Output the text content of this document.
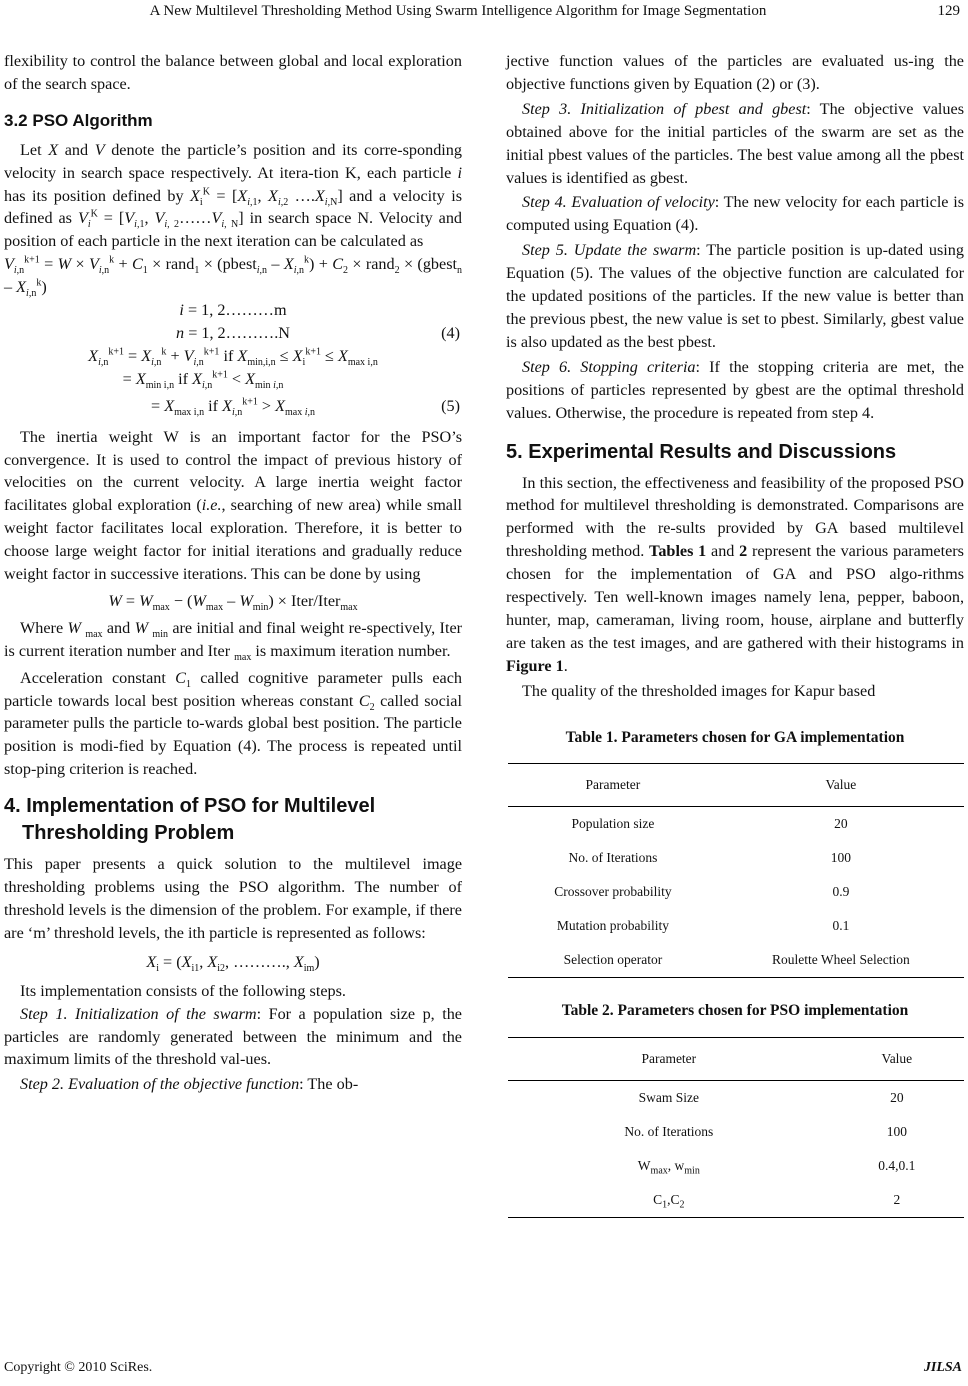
A New Multilevel Thresholding Method Using Swarm Intelligence Algorithm for Image Segmentation	129

flexibility to control the balance between global and local exploration of the search space.

3.2 PSO Algorithm

Let X and V denote the particle’s position and its corre-sponding velocity in search space respectively. At itera-tion K, each particle i has its position defined by $X_i^K = [X_{i,1}$, $X_{i,2}$ $\dots.X_{i,N}$] and a velocity is defined as $V_i^K = [V_{i,1}$, $V_{i, 2}\dots\dots V_{i, N}$] in search space N. Velocity and position of each particle in the next iteration can be calculated as

$V_{i,n}^{k+1} = W \times V_{i,n}^k + C_1$ × rand$_1$ × (pbest$_{i,n}$ – $X_{i,n}^k) + C_2$ × rand$_2$ × (gbest$_n$ – $X_{i,n}^k$)

i = 1, 2………m
n = 1, 2……….N	(4)
$X_{i,n}^{k+1} = X_{i,n}^k + V_{i,n}^{k+1}$ if $X_{min,i,n} \le X_i^{k+1} \le X_{max i,n}$
= $X_{min i,n}$ if $X_{i,n}^{k+1} < X_{min i,n}$
= $X_{max i,n}$ if $X_{i,n}^{k+1} > X_{max i,n}$	(5)

The inertia weight W is an important factor for the PSO’s convergence. It is used to control the impact of previous history of velocities on the current velocity. A large inertia weight factor facilitates global exploration (i.e., searching of new area) while small weight factor facilitates local exploration. Therefore, it is better to choose large weight factor for initial iterations and gradually reduce weight factor in successive iterations. This can be done by using

$W = W_{max} - (W_{max} - W_{min})$ × Iter/Iter$_{max}$

Where W $_{max}$ and W $_{min}$ are initial and final weight re-spectively, Iter is current iteration number and Iter $_{max}$ is maximum iteration number.

Acceleration constant $C_1$ called cognitive parameter pulls each particle towards local best position whereas constant $C_2$ called social parameter pulls the particle to-wards global best position. The particle position is modi-fied by Equation (4). The process is repeated until stop-ping criterion is reached.

4. Implementation of PSO for Multilevel
Thresholding Problem

This paper presents a quick solution to the multilevel image thresholding problems using the PSO algorithm. The number of threshold levels is the dimension of the problem. For example, if there are ‘m’ threshold levels, the ith particle is represented as follows:

$X_i = (X_{i1}$, $X_{i2}$, ………., $X_{im}$)

Its implementation consists of the following steps.

Step 1. Initialization of the swarm: For a population size p, the particles are randomly generated between the minimum and the maximum limits of the threshold val-ues.

Step 2. Evaluation of the objective function: The ob-

jective function values of the particles are evaluated us-ing the objective functions given by Equation (2) or (3).

Step 3. Initialization of pbest and gbest: The objective values obtained above for the initial particles of the swarm are set as the initial pbest values of the particles. The best value among all the pbest values is identified as gbest.

Step 4. Evaluation of velocity: The new velocity for each particle is computed using Equation (4).

Step 5. Update the swarm: The particle position is up-dated using Equation (5). The values of the objective function are calculated for the updated positions of the particles. If the new value is better than the previous pbest, the new value is set to pbest. Similarly, gbest value is also updated as the best pbest.

Step 6. Stopping criteria: If the stopping criteria are met, the positions of particles represented by gbest are the optimal threshold values. Otherwise, the procedure is repeated from step 4.

5. Experimental Results and Discussions

In this section, the effectiveness and feasibility of the proposed PSO method for multilevel thresholding is demonstrated. Comparisons are performed with the re-sults provided by GA based multilevel thresholding method. Tables 1 and 2 represent the various parameters chosen for the implementation of GA and PSO algo-rithms respectively. Ten well-known images namely lena, pepper, baboon, hunter, map, cameraman, living room, house, airplane and butterfly are taken as the test images, and are gathered with their histograms in Figure 1.

The quality of the thresholded images for Kapur based

Table 1. Parameters chosen for GA implementation

Parameter	Value
Population size	20
No. of Iterations	100
Crossover probability	0.9
Mutation probability	0.1
Selection operator	Roulette Wheel Selection

Table 2. Parameters chosen for PSO implementation

Parameter	Value
Swam Size	20
No. of Iterations	100
$W_{max}$, $w_{min}$	0.4,0.1
$C_1,C_2$	2
Copyright © 2010 SciRes.	JILSA
